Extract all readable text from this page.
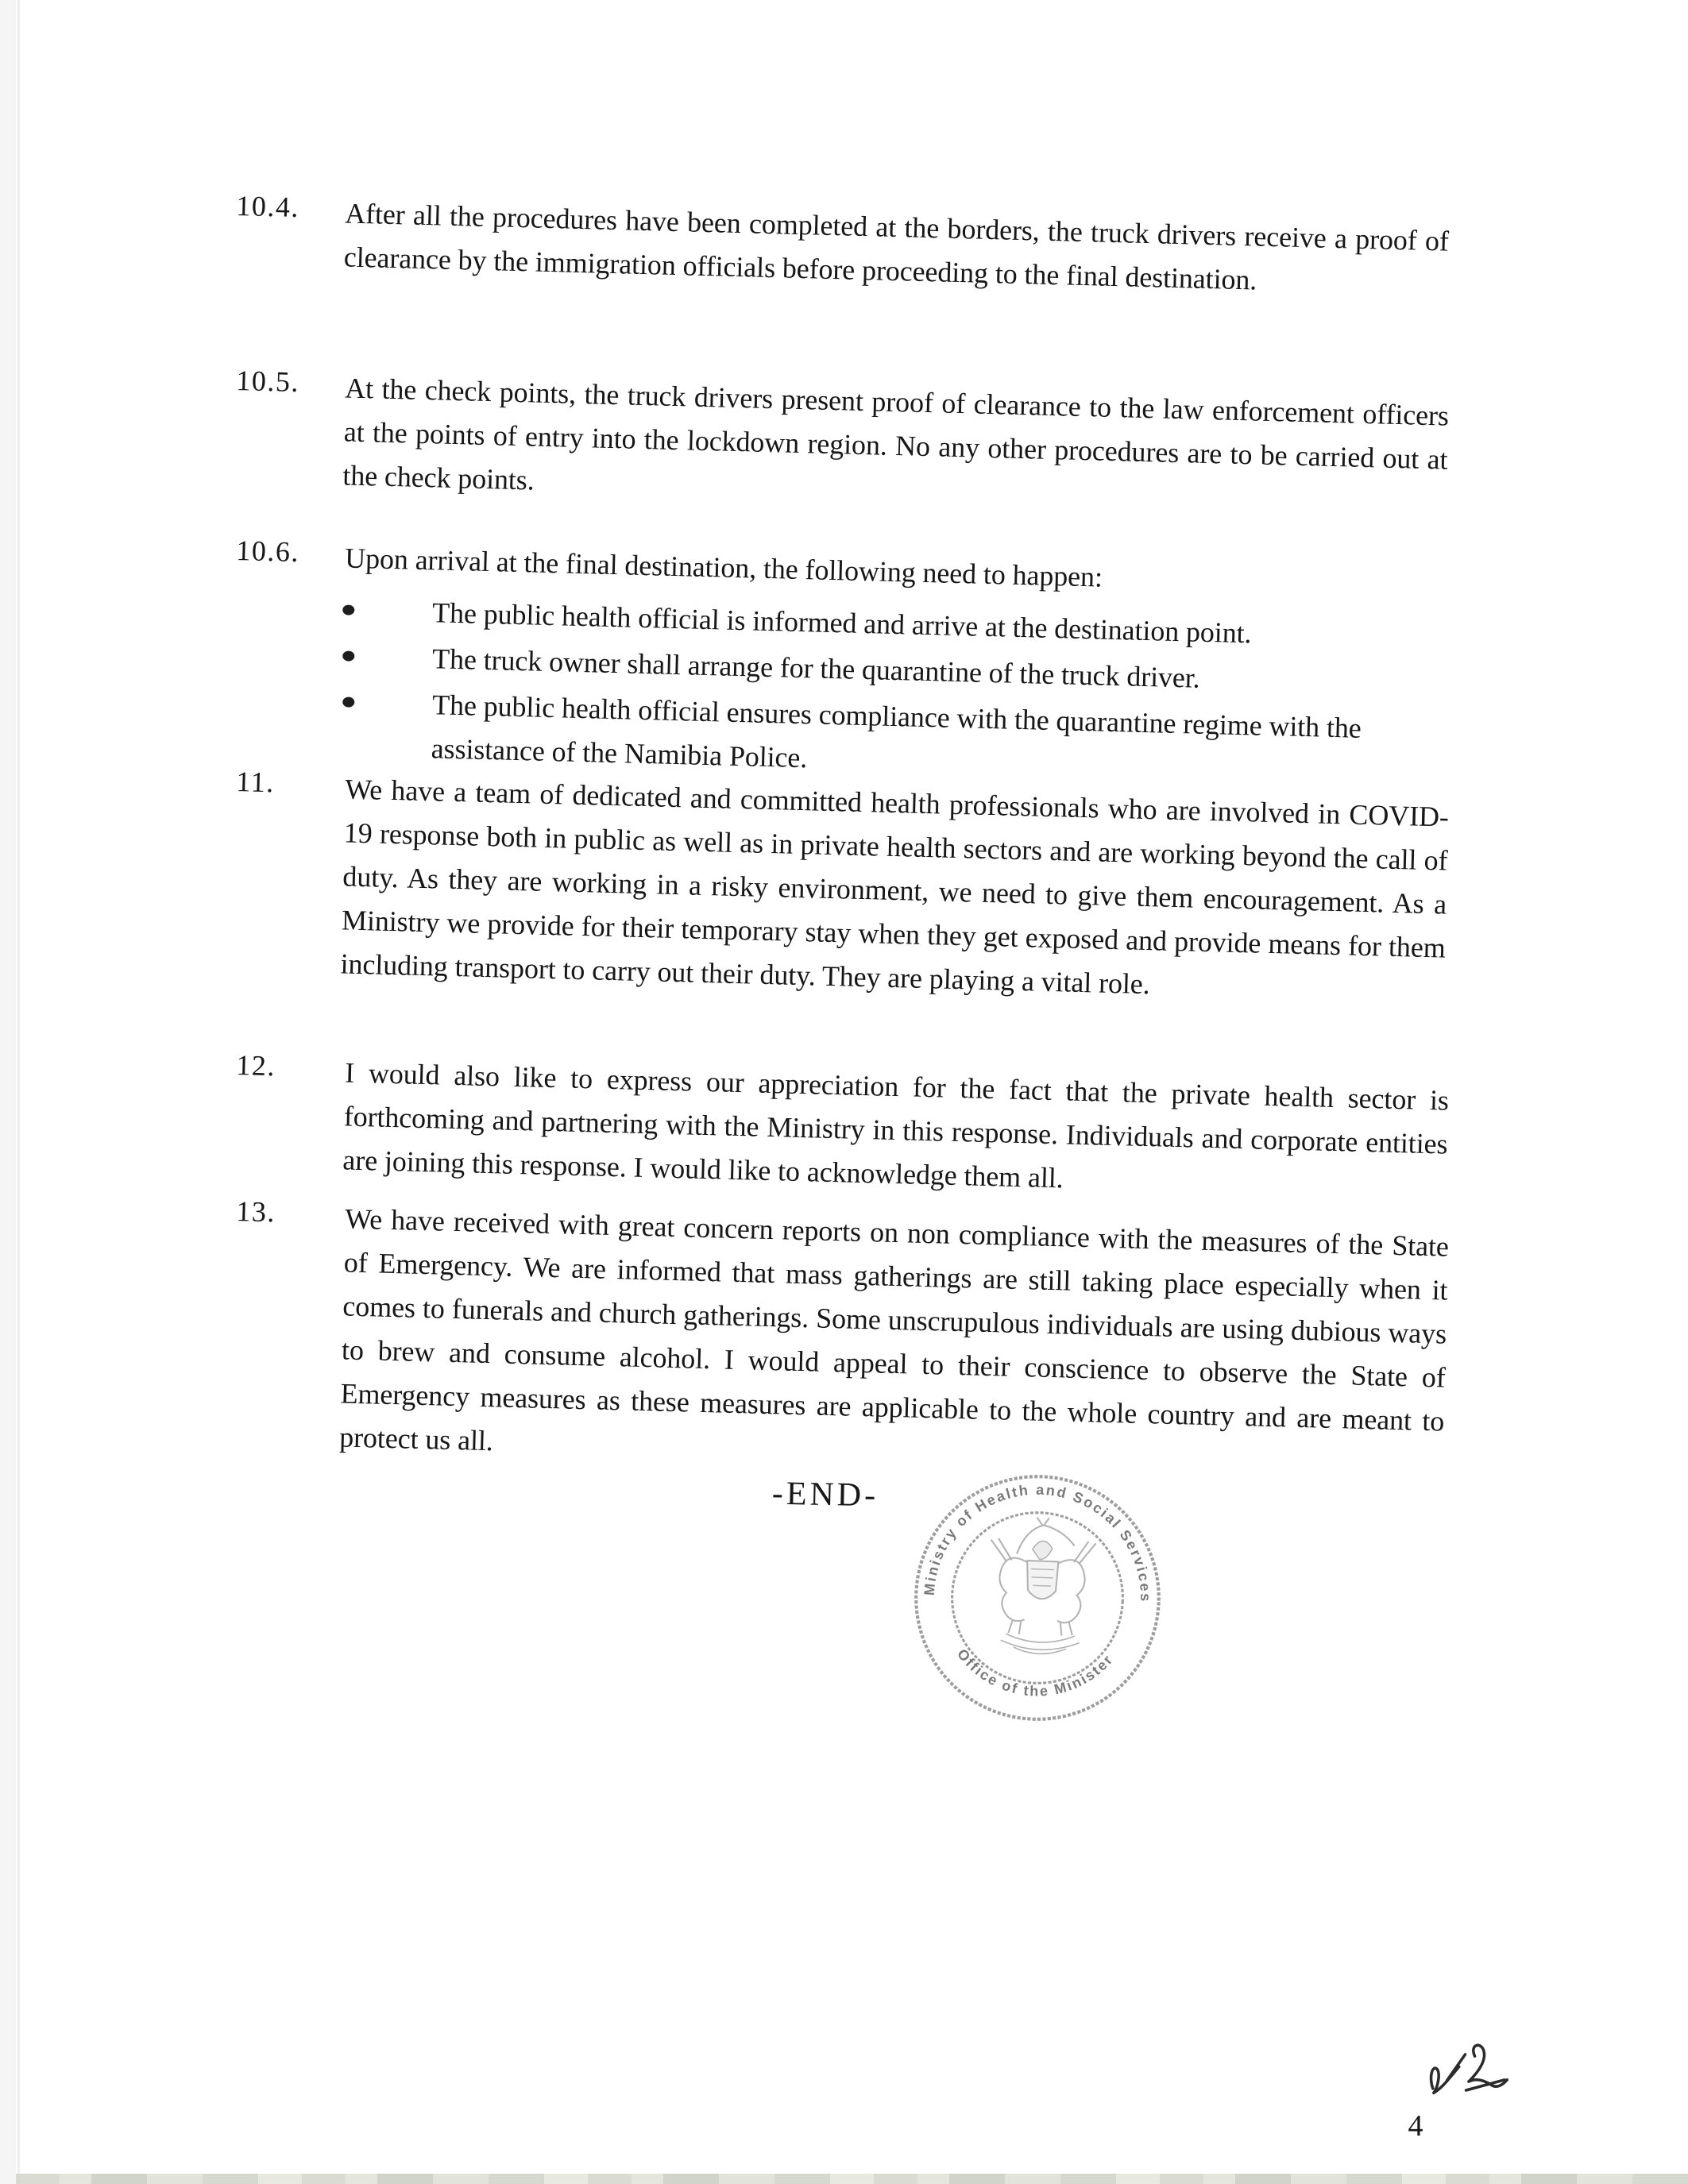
10.4. After all the procedures have been completed at the borders, the truck drivers receive a proof of clearance by the immigration officials before proceeding to the final destination.
10.5. At the check points, the truck drivers present proof of clearance to the law enforcement officers at the points of entry into the lockdown region. No any other procedures are to be carried out at the check points.
10.6. Upon arrival at the final destination, the following need to happen:
The public health official is informed and arrive at the destination point.
The truck owner shall arrange for the quarantine of the truck driver.
The public health official ensures compliance with the quarantine regime with the assistance of the Namibia Police.
11. We have a team of dedicated and committed health professionals who are involved in COVID-19 response both in public as well as in private health sectors and are working beyond the call of duty. As they are working in a risky environment, we need to give them encouragement. As a Ministry we provide for their temporary stay when they get exposed and provide means for them including transport to carry out their duty. They are playing a vital role.
12. I would also like to express our appreciation for the fact that the private health sector is forthcoming and partnering with the Ministry in this response. Individuals and corporate entities are joining this response. I would like to acknowledge them all.
13. We have received with great concern reports on non compliance with the measures of the State of Emergency. We are informed that mass gatherings are still taking place especially when it comes to funerals and church gatherings. Some unscrupulous individuals are using dubious ways to brew and consume alcohol. I would appeal to their conscience to observe the State of Emergency measures as these measures are applicable to the whole country and are meant to protect us all.
-END-
Ministry of Health and Social Services
Office of the Minister
4
